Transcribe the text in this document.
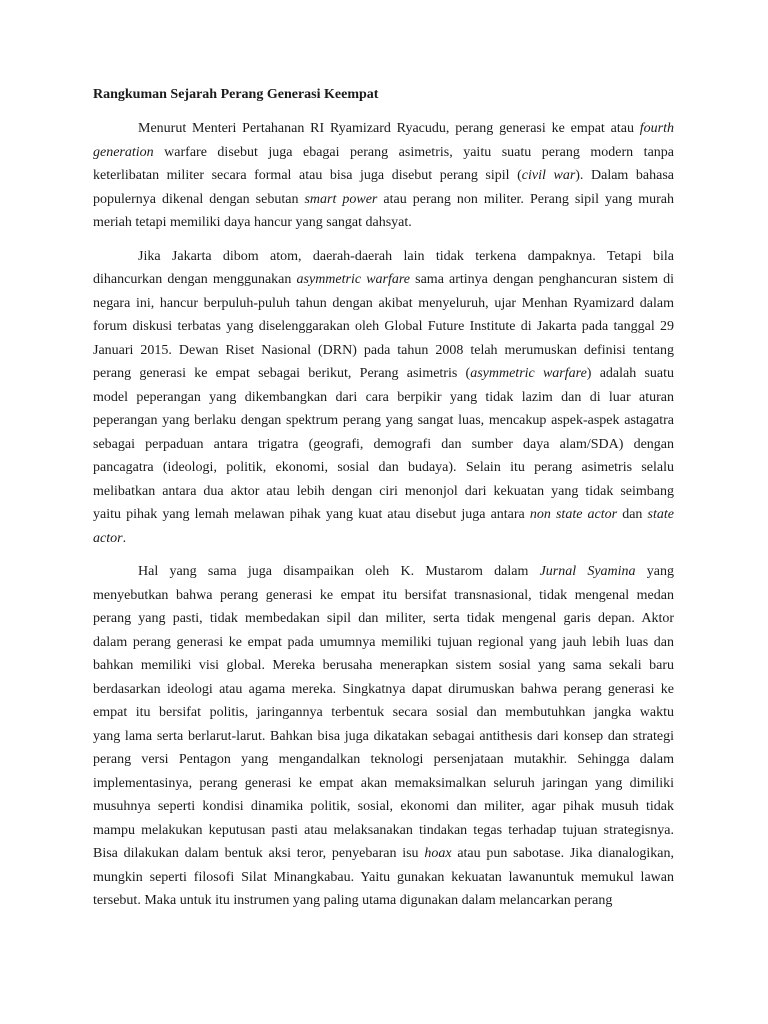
Rangkuman Sejarah Perang Generasi Keempat
Menurut Menteri Pertahanan RI Ryamizard Ryacudu, perang generasi ke empat atau fourth
generation warfare disebut juga ebagai perang asimetris, yaitu suatu perang modern tanpa
keterlibatan militer secara formal atau bisa juga disebut perang sipil (civil war). Dalam bahasa
populernya dikenal dengan sebutan smart power atau perang non militer. Perang sipil yang murah
meriah tetapi memiliki daya hancur yang sangat dahsyat.
Jika Jakarta dibom atom, daerah-daerah lain tidak terkena dampaknya. Tetapi bila
dihancurkan dengan menggunakan asymmetric warfare sama artinya dengan penghancuran sistem di
negara ini, hancur berpuluh-puluh tahun dengan akibat menyeluruh, ujar Menhan Ryamizard dalam
forum diskusi terbatas yang diselenggarakan oleh Global Future Institute di Jakarta pada tanggal 29
Januari 2015. Dewan Riset Nasional (DRN) pada tahun 2008 telah merumuskan definisi tentang
perang generasi ke empat sebagai berikut, Perang asimetris (asymmetric warfare) adalah suatu
model peperangan yang dikembangkan dari cara berpikir yang tidak lazim dan di luar aturan
peperangan yang berlaku dengan spektrum perang yang sangat luas, mencakup aspek-aspek astagatra
sebagai perpaduan antara trigatra (geografi, demografi dan sumber daya alam/SDA) dengan
pancagatra (ideologi, politik, ekonomi, sosial dan budaya). Selain itu perang asimetris selalu
melibatkan antara dua aktor atau lebih dengan ciri menonjol dari kekuatan yang tidak seimbang
yaitu pihak yang lemah melawan pihak yang kuat atau disebut juga antara non state actor dan state
actor.
Hal yang sama juga disampaikan oleh K. Mustarom dalam Jurnal Syamina yang
menyebutkan bahwa perang generasi ke empat itu bersifat transnasional, tidak mengenal medan
perang yang pasti, tidak membedakan sipil dan militer, serta tidak mengenal garis depan. Aktor
dalam perang generasi ke empat pada umumnya memiliki tujuan regional yang jauh lebih luas dan
bahkan memiliki visi global. Mereka berusaha menerapkan sistem sosial yang sama sekali baru
berdasarkan ideologi atau agama mereka. Singkatnya dapat dirumuskan bahwa perang generasi ke
empat itu bersifat politis, jaringannya terbentuk secara sosial dan membutuhkan jangka waktu
yang lama serta berlarut-larut. Bahkan bisa juga dikatakan sebagai antithesis dari konsep dan strategi
perang versi Pentagon yang mengandalkan teknologi persenjataan mutakhir. Sehingga dalam
implementasinya, perang generasi ke empat akan memaksimalkan seluruh jaringan yang dimiliki
musuhnya seperti kondisi dinamika politik, sosial, ekonomi dan militer, agar pihak musuh tidak
mampu melakukan keputusan pasti atau melaksanakan tindakan tegas terhadap tujuan strategisnya.
Bisa dilakukan dalam bentuk aksi teror, penyebaran isu hoax atau pun sabotase. Jika dianalogikan,
mungkin seperti filosofi Silat Minangkabau. Yaitu gunakan kekuatan lawanuntuk memukul lawan
tersebut. Maka untuk itu instrumen yang paling utama digunakan dalam melancarkan perang
